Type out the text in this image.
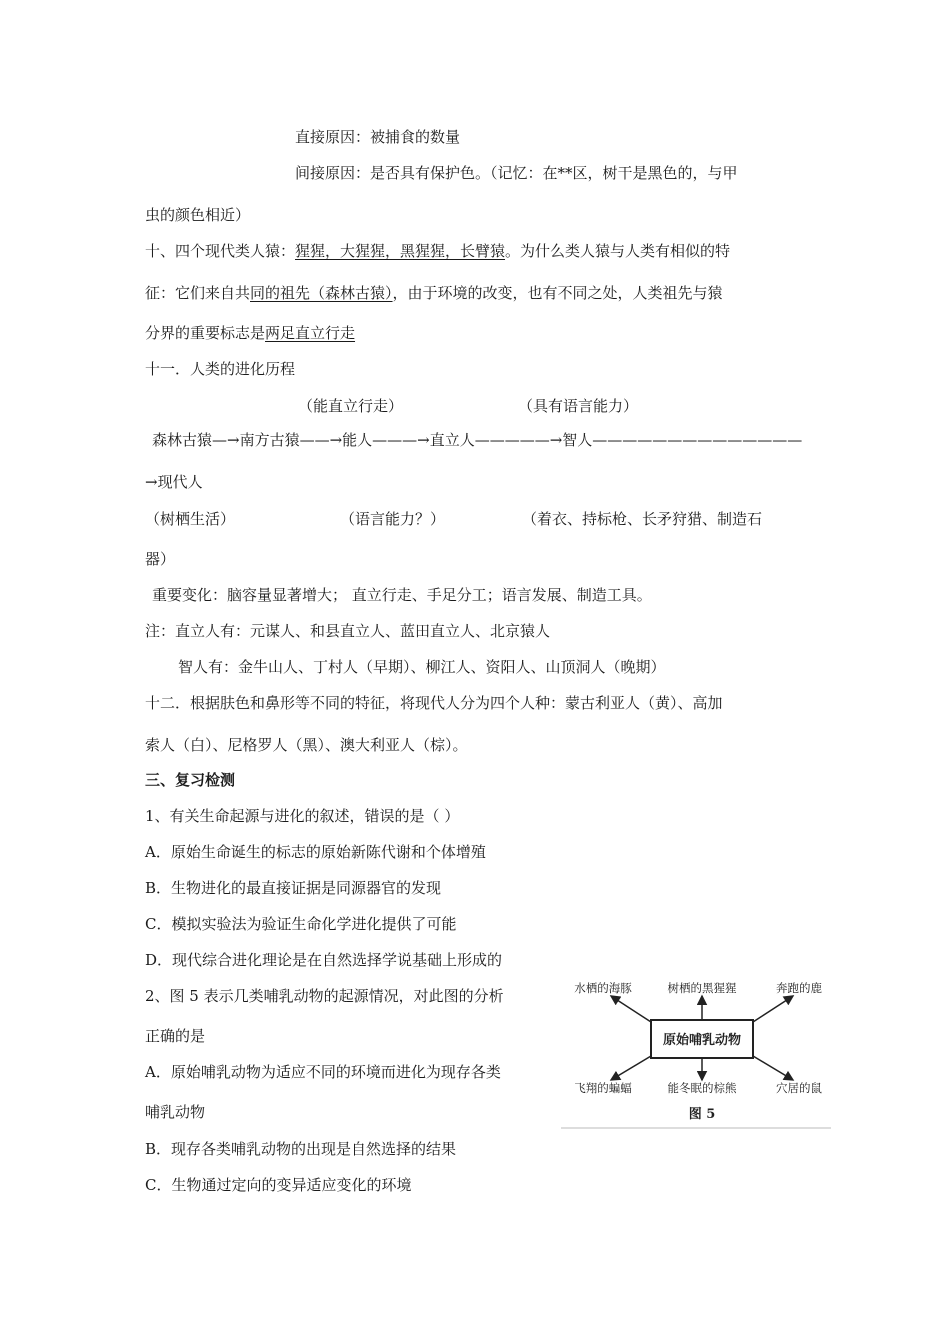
直接原因：被捕食的数量
间接原因：是否具有保护色。（记忆：在**区，树干是黑色的，与甲
虫的颜色相近）
十、四个现代类人猿：猩猩，大猩猩，黑猩猩，长臂猿。为什么类人猿与人类有相似的特
征：它们来自共同的祖先（森林古猿），由于环境的改变，也有不同之处，人类祖先与猿
分界的重要标志是两足直立行走
十一．人类的进化历程
（能直立行走）	（具有语言能力）
森林古猿—→南方古猿——→能人———→直立人—————→智人——————————————
→现代人
（树栖生活）	（语言能力？）	（着衣、持标枪、长矛狩猎、制造石
器）
重要变化：脑容量显著增大； 直立行走、手足分工；语言发展、制造工具。
注：直立人有：元谋人、和县直立人、蓝田直立人、北京猿人
智人有：金牛山人、丁村人（早期）、柳江人、资阳人、山顶洞人（晚期）
十二．根据肤色和鼻形等不同的特征，将现代人分为四个人种：蒙古利亚人（黄）、高加
索人（白）、尼格罗人（黑）、澳大利亚人（棕）。
三、复习检测
1、有关生命起源与进化的叙述，错误的是（ ）
A．原始生命诞生的标志的原始新陈代谢和个体增殖
B．生物进化的最直接证据是同源器官的发现
C．模拟实验法为验证生命化学进化提供了可能
D．现代综合进化理论是在自然选择学说基础上形成的
2、图 5 表示几类哺乳动物的起源情况，对此图的分析
正确的是
A．原始哺乳动物为适应不同的环境而进化为现存各类
哺乳动物
B．现存各类哺乳动物的出现是自然选择的结果
C．生物通过定向的变异适应变化的环境
原始哺乳动物
水栖的海豚	树栖的黑猩猩	奔跑的鹿
飞翔的蝙蝠	能冬眠的棕熊	穴居的鼠
图 5
